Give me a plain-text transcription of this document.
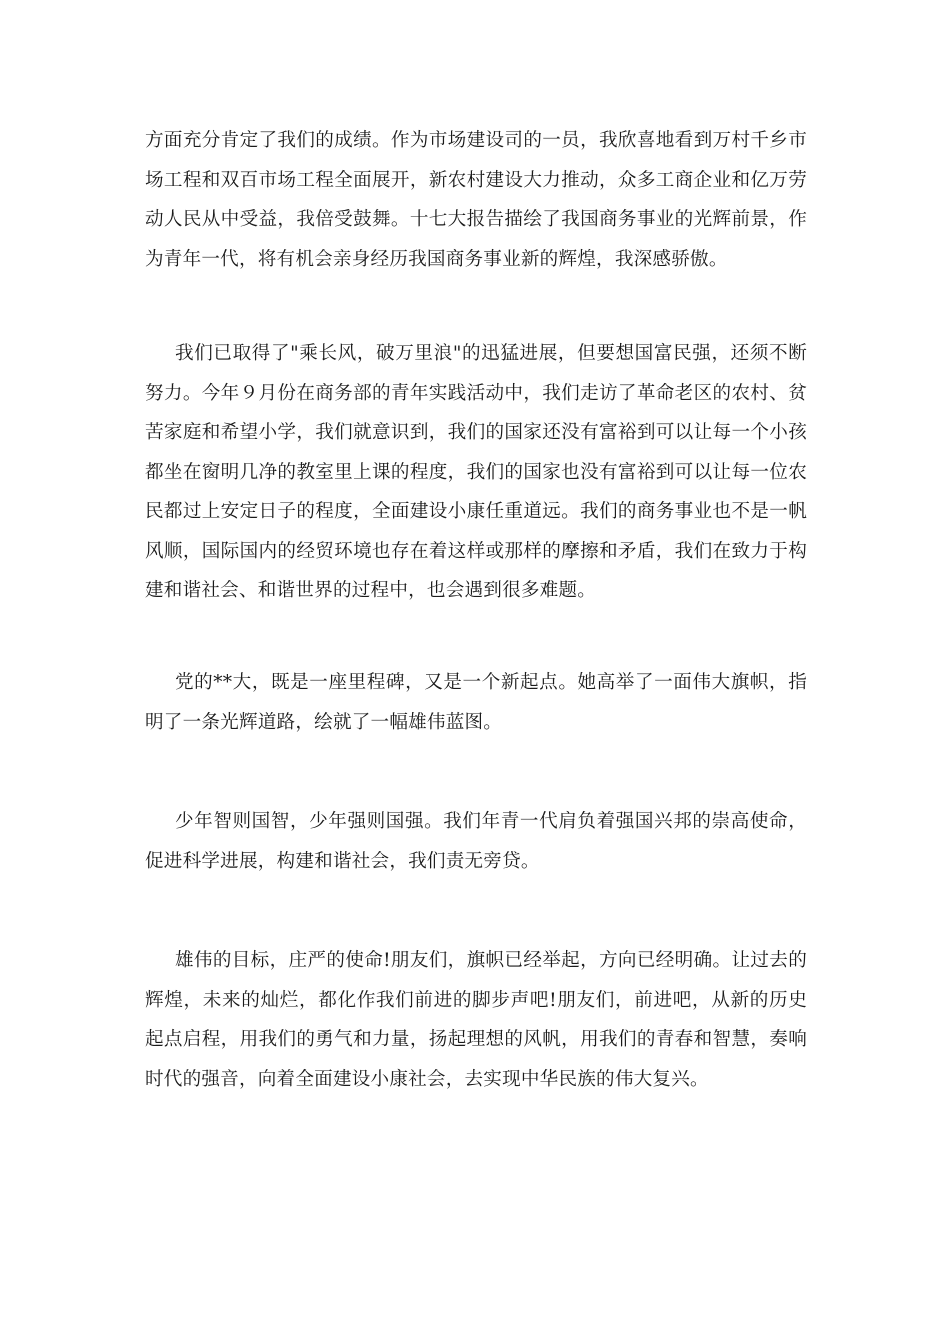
方面充分肯定了我们的成绩。作为市场建设司的一员，我欣喜地看到万村千乡市场工程和双百市场工程全面展开，新农村建设大力推动，众多工商企业和亿万劳动人民从中受益，我倍受鼓舞。十七大报告描绘了我国商务事业的光辉前景，作为青年一代，将有机会亲身经历我国商务事业新的辉煌，我深感骄傲。

我们已取得了"乘长风，破万里浪"的迅猛进展，但要想国富民强，还须不断努力。今年９月份在商务部的青年实践活动中，我们走访了革命老区的农村、贫苦家庭和希望小学，我们就意识到，我们的国家还没有富裕到可以让每一个小孩都坐在窗明几净的教室里上课的程度，我们的国家也没有富裕到可以让每一位农民都过上安定日子的程度，全面建设小康任重道远。我们的商务事业也不是一帆风顺，国际国内的经贸环境也存在着这样或那样的摩擦和矛盾，我们在致力于构建和谐社会、和谐世界的过程中，也会遇到很多难题。

党的**大，既是一座里程碑，又是一个新起点。她高举了一面伟大旗帜，指明了一条光辉道路，绘就了一幅雄伟蓝图。

少年智则国智，少年强则国强。我们年青一代肩负着强国兴邦的崇高使命，促进科学进展，构建和谐社会，我们责无旁贷。

雄伟的目标，庄严的使命!朋友们，旗帜已经举起，方向已经明确。让过去的辉煌，未来的灿烂，都化作我们前进的脚步声吧!朋友们，前进吧，从新的历史起点启程，用我们的勇气和力量，扬起理想的风帆，用我们的青春和智慧，奏响时代的强音，向着全面建设小康社会，去实现中华民族的伟大复兴。
